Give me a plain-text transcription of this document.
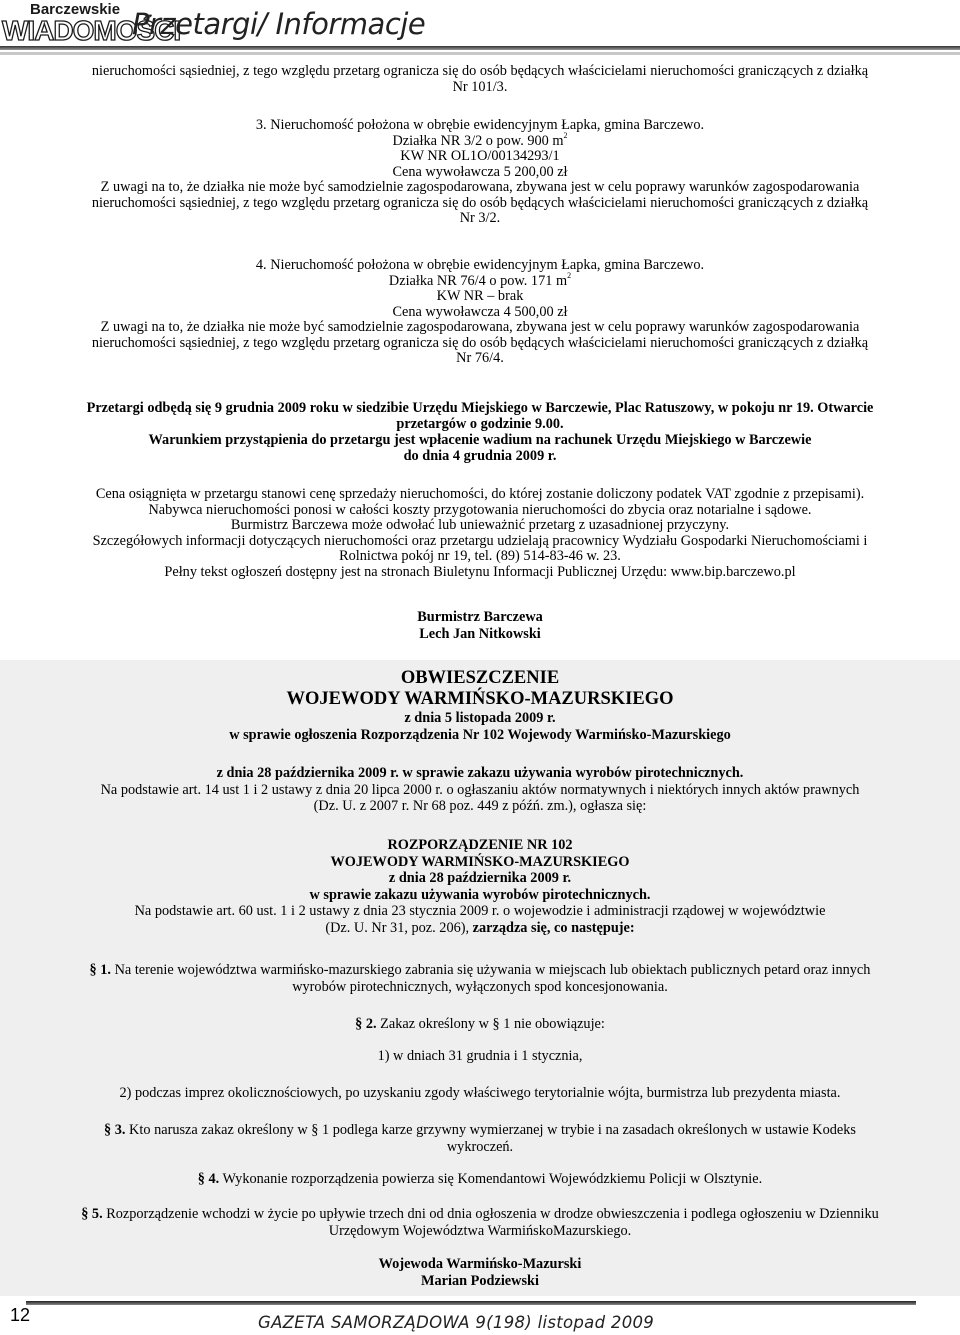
Barczewskie
WIADOMOŚCI
Przetargi/ Informacje

nieruchomości sąsiedniej, z tego względu przetarg ogranicza się do osób będących właścicielami nieruchomości graniczących z działką

Nr 101/3.

3. Nieruchomość położona w obrębie ewidencyjnym Łapka, gmina Barczewo.

Działka NR 3/2 o pow. 900 $m^2$

KW NR OL1O/00134293/1

Cena wywoławcza 5 200,00 zł

Z uwagi na to, że działka nie może być samodzielnie zagospodarowana, zbywana jest w celu poprawy warunków zagospodarowania

nieruchomości sąsiedniej, z tego względu przetarg ogranicza się do osób będących właścicielami nieruchomości graniczących z działką

Nr 3/2.

4. Nieruchomość położona w obrębie ewidencyjnym Łapka, gmina Barczewo.

Działka NR 76/4 o pow. 171 $m^2$

KW NR – brak

Cena wywoławcza 4 500,00 zł

Z uwagi na to, że działka nie może być samodzielnie zagospodarowana, zbywana jest w celu poprawy warunków zagospodarowania

nieruchomości sąsiedniej, z tego względu przetarg ogranicza się do osób będących właścicielami nieruchomości graniczących z działką

Nr 76/4.

Przetargi odbędą się 9 grudnia 2009 roku w siedzibie Urzędu Miejskiego w Barczewie, Plac Ratuszowy, w pokoju nr 19. Otwarcie

przetargów o godzinie 9.00.

Warunkiem przystąpienia do przetargu jest wpłacenie wadium na rachunek Urzędu Miejskiego w Barczewie

do dnia 4 grudnia 2009 r.

Cena osiągnięta w przetargu stanowi cenę sprzedaży nieruchomości, do której zostanie doliczony podatek VAT zgodnie z przepisami).

Nabywca nieruchomości ponosi w całości koszty przygotowania nieruchomości do zbycia oraz notarialne i sądowe.

Burmistrz Barczewa może odwołać lub unieważnić przetarg z uzasadnionej przyczyny.

Szczegółowych informacji dotyczących nieruchomości oraz przetargu udzielają pracownicy Wydziału Gospodarki Nieruchomościami i

Rolnictwa pokój nr 19, tel. (89) 514-83-46 w. 23.

Pełny tekst ogłoszeń dostępny jest na stronach Biuletynu Informacji Publicznej Urzędu: www.bip.barczewo.pl

Burmistrz Barczewa

Lech Jan Nitkowski

OBWIESZCZENIE

WOJEWODY WARMIŃSKO-MAZURSKIEGO

z dnia 5 listopada 2009 r.

w sprawie ogłoszenia Rozporządzenia Nr 102 Wojewody Warmińsko-Mazurskiego

z dnia 28 października 2009 r. w sprawie zakazu używania wyrobów pirotechnicznych.

Na podstawie art. 14 ust 1 i 2 ustawy z dnia 20 lipca 2000 r. o ogłaszaniu aktów normatywnych i niektórych innych aktów prawnych

(Dz. U. z 2007 r. Nr 68 poz. 449 z późń. zm.), ogłasza się:

ROZPORZĄDZENIE NR 102

WOJEWODY WARMIŃSKO-MAZURSKIEGO

z dnia 28 października 2009 r.

w sprawie zakazu używania wyrobów pirotechnicznych.

Na podstawie art. 60 ust. 1 i 2 ustawy z dnia 23 stycznia 2009 r. o wojewodzie i administracji rządowej w województwie

(Dz. U. Nr 31, poz. 206), zarządza się, co następuje:

§ 1. Na terenie województwa warmińsko-mazurskiego zabrania się używania w miejscach lub obiektach publicznych petard oraz innych

wyrobów pirotechnicznych, wyłączonych spod koncesjonowania.

§ 2. Zakaz określony w § 1 nie obowiązuje:

1) w dniach 31 grudnia i 1 stycznia,

2) podczas imprez okolicznościowych, po uzyskaniu zgody właściwego terytorialnie wójta, burmistrza lub prezydenta miasta.

§ 3. Kto narusza zakaz określony w § 1 podlega karze grzywny wymierzanej w trybie i na zasadach określonych w ustawie Kodeks

wykroczeń.

§ 4. Wykonanie rozporządzenia powierza się Komendantowi Wojewódzkiemu Policji w Olsztynie.

§ 5. Rozporządzenie wchodzi w życie po upływie trzech dni od dnia ogłoszenia w drodze obwieszczenia i podlega ogłoszeniu w Dzienniku

Urzędowym Województwa WarmińskoMazurskiego.

Wojewoda Warmińsko-Mazurski

Marian Podziewski

12	GAZETA SAMORZĄDOWA 9(198) listopad 2009
